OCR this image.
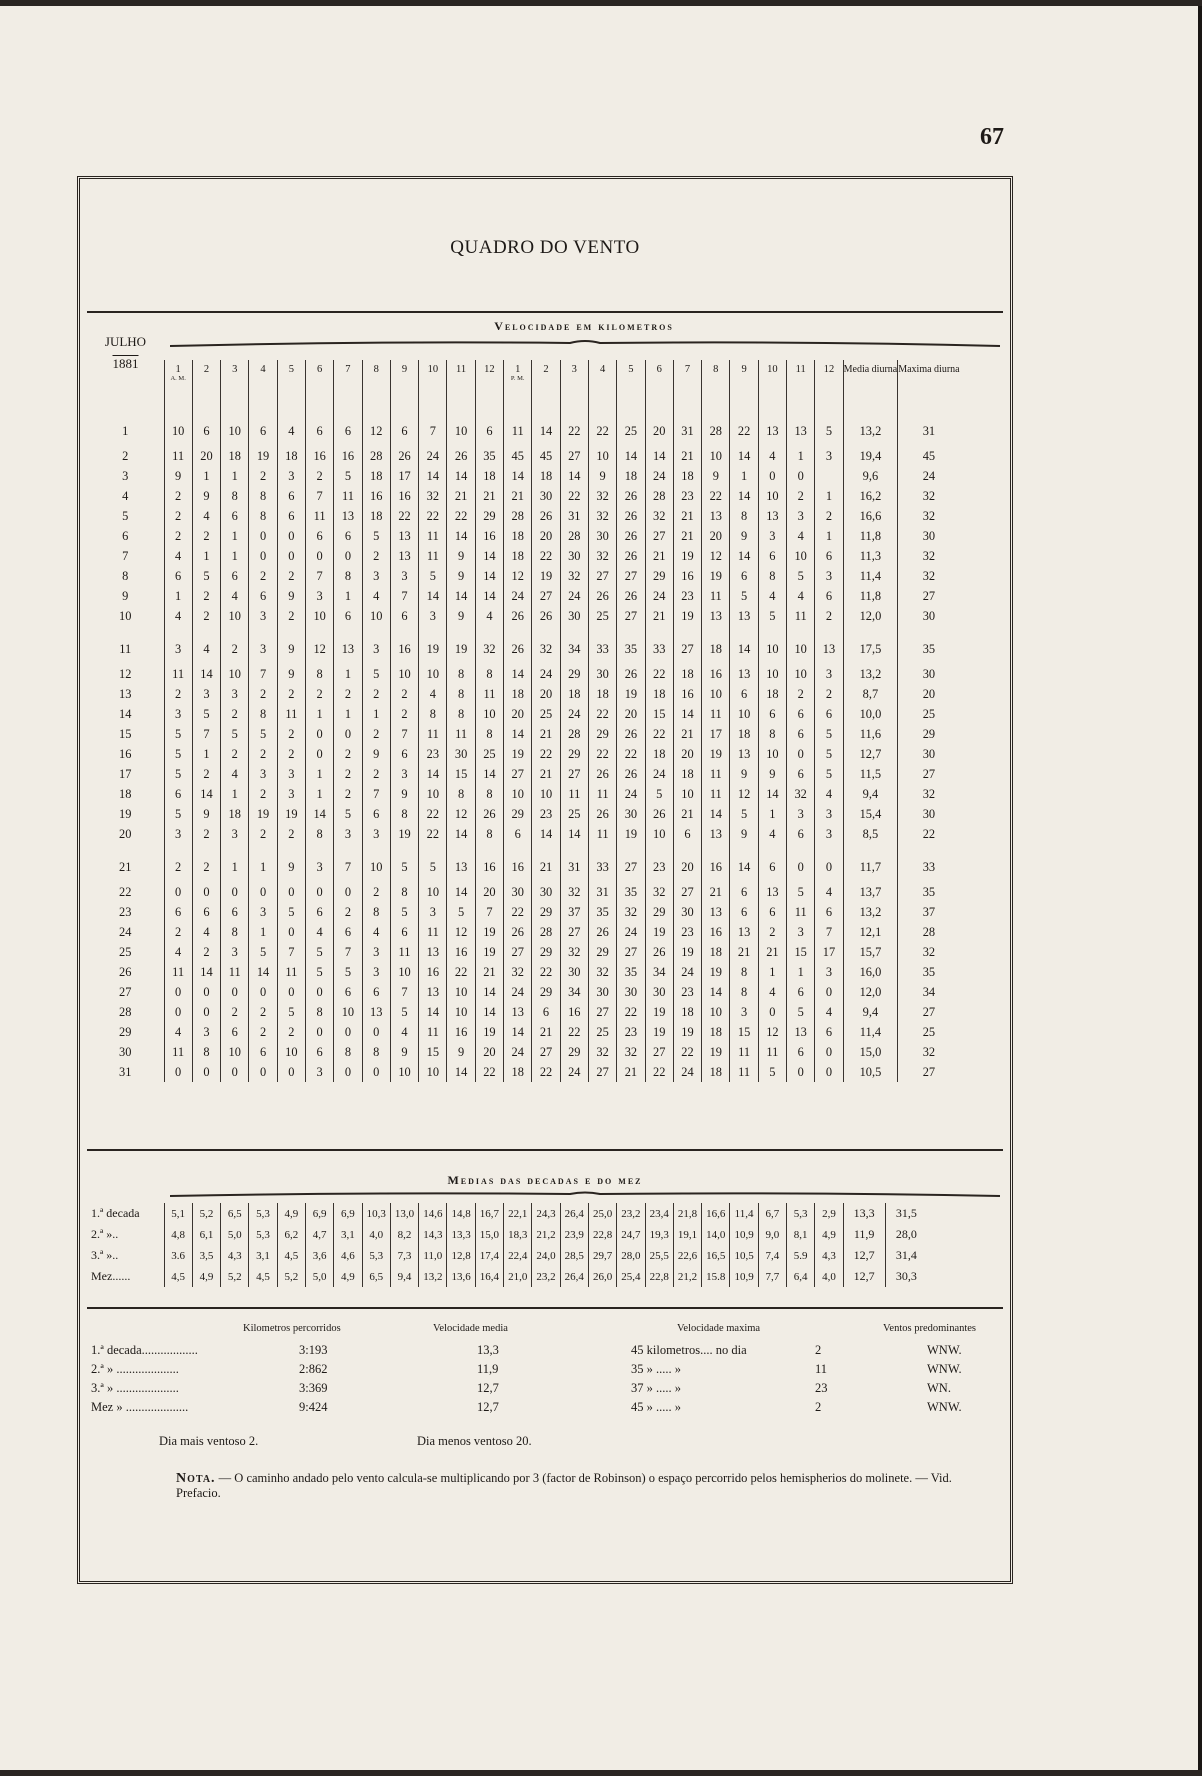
67
QUADRO DO VENTO
JULHO
1881
Velocidade em kilometros

	1
A. M.	2	3	4	5	6	7	8	9	10	11	12	1
P. M.	2	3	4	5	6	7	8	9	10	11	12	Media diurna	Maxima diurna
1	10	6	10	6	4	6	6	12	6	7	10	6	11	14	22	22	25	20	31	28	22	13	13	5	13,2	31
2	11	20	18	19	18	16	16	28	26	24	26	35	45	45	27	10	14	14	21	10	14	4	1	3	19,4	45
3	9	1	1	2	3	2	5	18	17	14	14	18	14	18	14	9	18	24	18	9	1	0	0		9,6	24
4	2	9	8	8	6	7	11	16	16	32	21	21	21	30	22	32	26	28	23	22	14	10	2	1	16,2	32
5	2	4	6	8	6	11	13	18	22	22	22	29	28	26	31	32	26	32	21	13	8	13	3	2	16,6	32
6	2	2	1	0	0	6	6	5	13	11	14	16	18	20	28	30	26	27	21	20	9	3	4	1	11,8	30
7	4	1	1	0	0	0	0	2	13	11	9	14	18	22	30	32	26	21	19	12	14	6	10	6	11,3	32
8	6	5	6	2	2	7	8	3	3	5	9	14	12	19	32	27	27	29	16	19	6	8	5	3	11,4	32
9	1	2	4	6	9	3	1	4	7	14	14	14	24	27	24	26	26	24	23	11	5	4	4	6	11,8	27
10	4	2	10	3	2	10	6	10	6	3	9	4	26	26	30	25	27	21	19	13	13	5	11	2	12,0	30
11	3	4	2	3	9	12	13	3	16	19	19	32	26	32	34	33	35	33	27	18	14	10	10	13	17,5	35
12	11	14	10	7	9	8	1	5	10	10	8	8	14	24	29	30	26	22	18	16	13	10	10	3	13,2	30
13	2	3	3	2	2	2	2	2	2	4	8	11	18	20	18	18	19	18	16	10	6	18	2	2	8,7	20
14	3	5	2	8	11	1	1	1	2	8	8	10	20	25	24	22	20	15	14	11	10	6	6	6	10,0	25
15	5	7	5	5	2	0	0	2	7	11	11	8	14	21	28	29	26	22	21	17	18	8	6	5	11,6	29
16	5	1	2	2	2	0	2	9	6	23	30	25	19	22	29	22	22	18	20	19	13	10	0	5	12,7	30
17	5	2	4	3	3	1	2	2	3	14	15	14	27	21	27	26	26	24	18	11	9	9	6	5	11,5	27
18	6	14	1	2	3	1	2	7	9	10	8	8	10	10	11	11	24	5	10	11	12	14	32	4	9,4	32
19	5	9	18	19	19	14	5	6	8	22	12	26	29	23	25	26	30	26	21	14	5	1	3	3	15,4	30
20	3	2	3	2	2	8	3	3	19	22	14	8	6	14	14	11	19	10	6	13	9	4	6	3	8,5	22
21	2	2	1	1	9	3	7	10	5	5	13	16	16	21	31	33	27	23	20	16	14	6	0	0	11,7	33
22	0	0	0	0	0	0	0	2	8	10	14	20	30	30	32	31	35	32	27	21	6	13	5	4	13,7	35
23	6	6	6	3	5	6	2	8	5	3	5	7	22	29	37	35	32	29	30	13	6	6	11	6	13,2	37
24	2	4	8	1	0	4	6	4	6	11	12	19	26	28	27	26	24	19	23	16	13	2	3	7	12,1	28
25	4	2	3	5	7	5	7	3	11	13	16	19	27	29	32	29	27	26	19	18	21	21	15	17	15,7	32
26	11	14	11	14	11	5	5	3	10	16	22	21	32	22	30	32	35	34	24	19	8	1	1	3	16,0	35
27	0	0	0	0	0	0	6	6	7	13	10	14	24	29	34	30	30	30	23	14	8	4	6	0	12,0	34
28	0	0	2	2	5	8	10	13	5	14	10	14	13	6	16	27	22	19	18	10	3	0	5	4	9,4	27
29	4	3	6	2	2	0	0	0	4	11	16	19	14	21	22	25	23	19	19	18	15	12	13	6	11,4	25
30	11	8	10	6	10	6	8	8	9	15	9	20	24	27	29	32	32	27	22	19	11	11	6	0	15,0	32
31	0	0	0	0	0	3	0	0	10	10	14	22	18	22	24	27	21	22	24	18	11	5	0	0	10,5	27
Medias das decadas e do mez
1.ª decada	5,1	5,2	6,5	5,3	4,9	6,9	6,9	10,3	13,0	14,6	14,8	16,7	22,1	24,3	26,4	25,0	23,2	23,4	21,8	16,6	11,4	6,7	5,3	2,9	13,3	31,5
2.ª »..	4,8	6,1	5,0	5,3	6,2	4,7	3,1	4,0	8,2	14,3	13,3	15,0	18,3	21,2	23,9	22,8	24,7	19,3	19,1	14,0	10,9	9,0	8,1	4,9	11,9	28,0
3.ª »..	3.6	3,5	4,3	3,1	4,5	3,6	4,6	5,3	7,3	11,0	12,8	17,4	22,4	24,0	28,5	29,7	28,0	25,5	22,6	16,5	10,5	7,4	5.9	4,3	12,7	31,4
Mez......	4,5	4,9	5,2	4,5	5,2	5,0	4,9	6,5	9,4	13,2	13,6	16,4	21,0	23,2	26,4	26,0	25,4	22,8	21,2	15.8	10,9	7,7	6,4	4,0	12,7	30,3
Kilometros percorridos	Velocidade media	Velocidade maxima	Ventos predominantes
1.ª decada..................	3:193	13,3	45 kilometros.... no dia	2	WNW.
2.ª » ....................	2:862	11,9	35 » ..... »	11	WNW.
3.ª » ....................	3:369	12,7	37 » ..... »	23	WN.
Mez » ....................	9:424	12,7	45 » ..... »	2	WNW.
Dia mais ventoso 2.	Dia menos ventoso 20.
Nota. — O caminho andado pelo vento calcula-se multiplicando por 3 (factor de Robinson) o espaço percorrido pelos hemispherios do molinete. — Vid. Prefacio.
